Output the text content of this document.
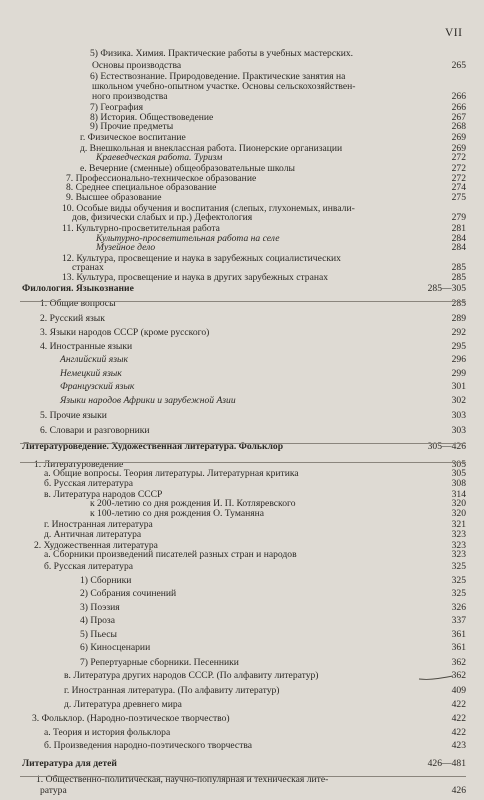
VII
5) Физика. Химия. Практические работы в учебных мастерских.
Основы производства	265
6) Естествознание. Природоведение. Практические занятия на
школьном учебно-опытном участке. Основы сельскохозяйствен-
ного производства	266
7) География	266
8) История. Обществоведение	267
9) Прочие предметы	268
г. Физическое воспитание	269
д. Внешкольная и внеклассная работа. Пионерские организации	269
Краеведческая работа. Туризм	272
е. Вечерние (сменные) общеобразовательные школы	272
7. Профессионально-техническое образование	272
8. Среднее специальное образование	274
9. Высшее образование	275
10. Особые виды обучения и воспитания (слепых, глухонемых, инвали-
дов, физически слабых и пр.) Дефектология	279
11. Культурно-просветительная работа	281
Культурно-просветительная работа на селе	284
Музейное дело	284
12. Культура, просвещение и наука в зарубежных социалистических
странах	285
13. Культура, просвещение и наука в других зарубежных странах	285
Филология. Языкознание	285—305
1. Общие вопросы	285
2. Русский язык	289
3. Языки народов СССР (кроме русского)	292
4. Иностранные языки	295
Английский язык	296
Немецкий язык	299
Французский язык	301
Языки народов Африки и зарубежной Азии	302
5. Прочие языки	303
6. Словари и разговорники	303
Литературоведение. Художественная литература. Фольклор	305—426
1. Литературоведение	305
а. Общие вопросы. Теория литературы. Литературная критика	305
б. Русская литература	308
в. Литература народов СССР	314
к 200-летию со дня рождения И. П. Котляревского	320
к 100-летию со дня рождения О. Туманяна	320
г. Иностранная литература	321
д. Античная литература	323
2. Художественная литература	323
а. Сборники произведений писателей разных стран и народов	323
б. Русская литература	325
1) Сборники	325
2) Собрания сочинений	325
3) Поэзия	326
4) Проза	337
5) Пьесы	361
6) Киносценарии	361
7) Репертуарные сборники. Песенники	362
в. Литература других народов СССР. (По алфавиту литератур)	362
г. Иностранная литература. (По алфавиту литератур)	409
д. Литература древнего мира	422
3. Фольклор. (Народно-поэтическое творчество)	422
а. Теория и история фольклора	422
б. Произведения народно-поэтического творчества	423
Литература для детей	426—481
1. Общественно-политическая, научно-популярная и техническая лите-
ратура	426
